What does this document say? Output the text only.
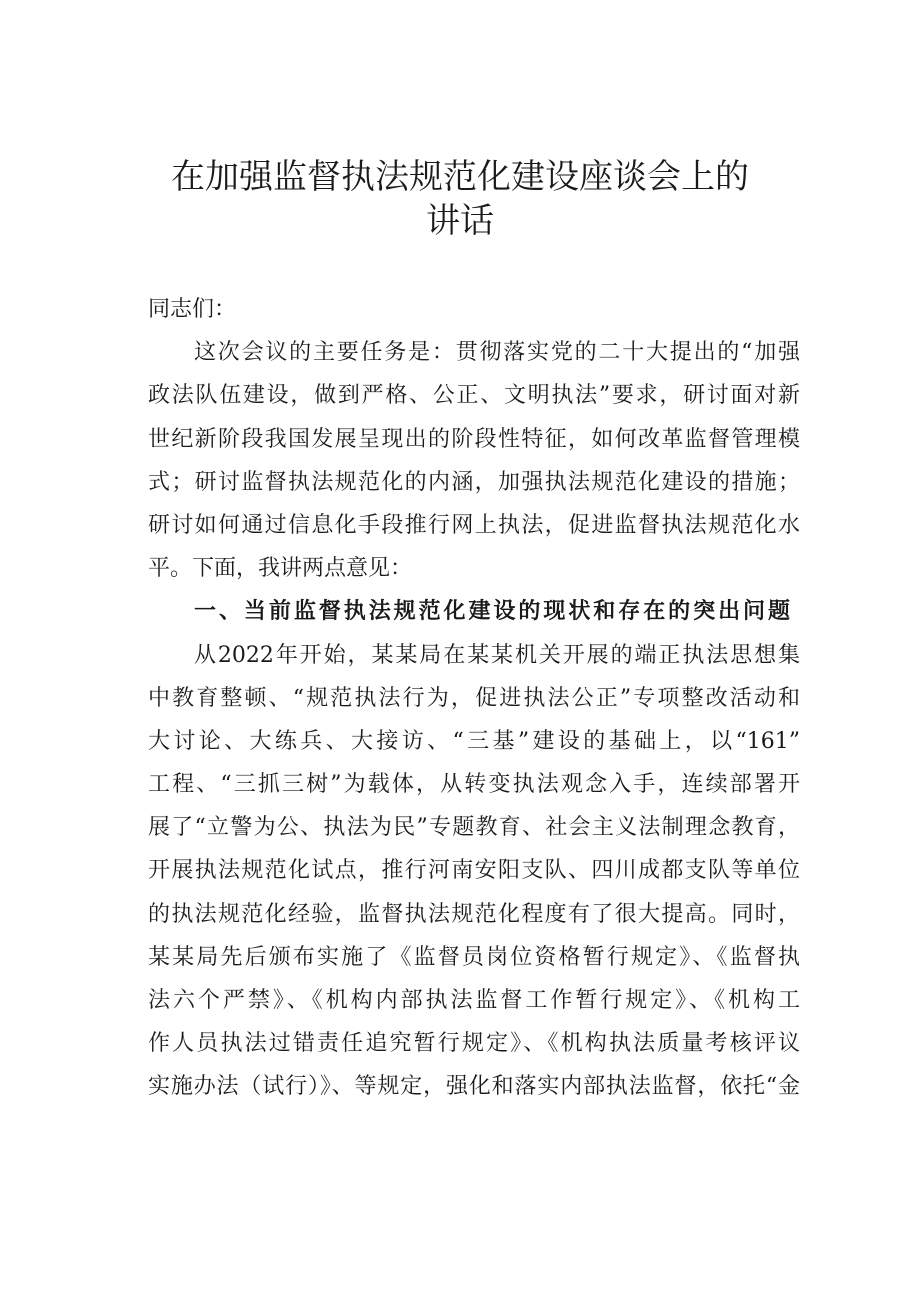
在加强监督执法规范化建设座谈会上的
讲话
同志们：
这次会议的主要任务是：贯彻落实党的二十大提出的“加强
政法队伍建设，做到严格、公正、文明执法”要求，研讨面对新
世纪新阶段我国发展呈现出的阶段性特征，如何改革监督管理模
式；研讨监督执法规范化的内涵，加强执法规范化建设的措施；
研讨如何通过信息化手段推行网上执法，促进监督执法规范化水
平。下面，我讲两点意见：
一、当前监督执法规范化建设的现状和存在的突出问题
从2022年开始，某某局在某某机关开展的端正执法思想集
中教育整顿、“规范执法行为，促进执法公正”专项整改活动和
大讨论、大练兵、大接访、“三基”建设的基础上，以“161”
工程、“三抓三树”为载体，从转变执法观念入手，连续部署开
展了“立警为公、执法为民”专题教育、社会主义法制理念教育，
开展执法规范化试点，推行河南安阳支队、四川成都支队等单位
的执法规范化经验，监督执法规范化程度有了很大提高。同时，
某某局先后颁布实施了《监督员岗位资格暂行规定》、《监督执
法六个严禁》、《机构内部执法监督工作暂行规定》、《机构工
作人员执法过错责任追究暂行规定》、《机构执法质量考核评议
实施办法（试行）》、等规定，强化和落实内部执法监督，依托“金
